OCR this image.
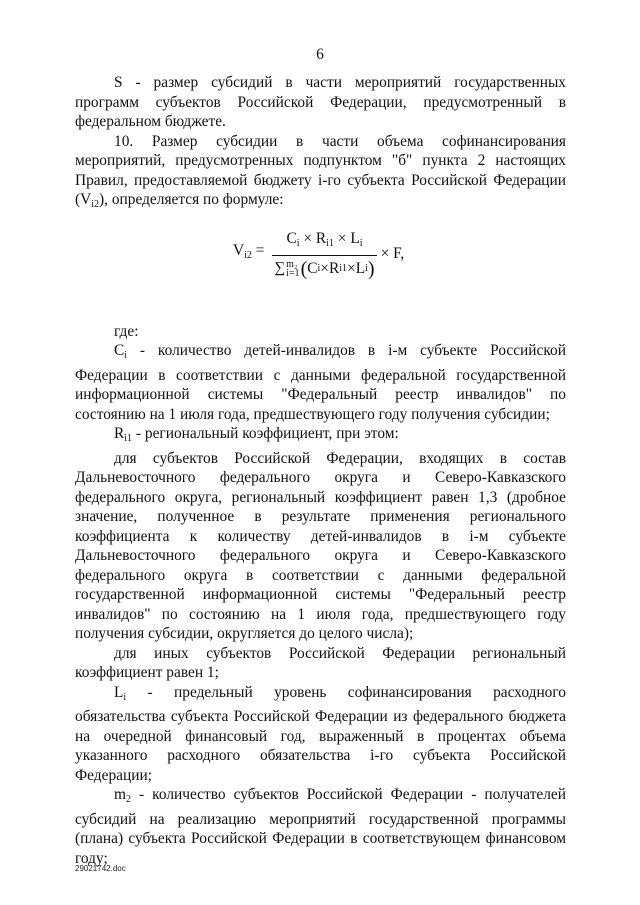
6

S - размер субсидий в части мероприятий государственных программ субъектов Российской Федерации, предусмотренный в федеральном бюджете.

10. Размер субсидии в части объема софинансирования мероприятий, предусмотренных подпунктом "б" пункта 2 настоящих Правил, предоставляемой бюджету i-го субъекта Российской Федерации $(V_{i2})$, определяется по формуле:

$V_{i2} = C_i \times R_{i1} \times L_i$
∑ m₂
i=1 ( C i × R i1 × L i ) × F,

где:

$C_i$ - количество детей-инвалидов в i-м субъекте Российской Федерации в соответствии с данными федеральной государственной информационной системы "Федеральный реестр инвалидов" по состоянию на 1 июля года, предшествующего году получения субсидии;

$R_{i1}$ - региональный коэффициент, при этом:

для субъектов Российской Федерации, входящих в состав Дальневосточного федерального округа и Северо-Кавказского федерального округа, региональный коэффициент равен 1,3 (дробное значение, полученное в результате применения регионального коэффициента к количеству детей-инвалидов в i-м субъекте Дальневосточного федерального округа и Северо-Кавказского федерального округа в соответствии с данными федеральной государственной информационной системы "Федеральный реестр инвалидов" по состоянию на 1 июля года, предшествующего году получения субсидии, округляется до целого числа);

для иных субъектов Российской Федерации региональный коэффициент равен 1;

$L_i$ - предельный уровень софинансирования расходного обязательства субъекта Российской Федерации из федерального бюджета на очередной финансовый год, выраженный в процентах объема указанного расходного обязательства i-го субъекта Российской Федерации;

$m_2$ - количество субъектов Российской Федерации - получателей субсидий на реализацию мероприятий государственной программы (плана) субъекта Российской Федерации в соответствующем финансовом году;

29021742.doc
